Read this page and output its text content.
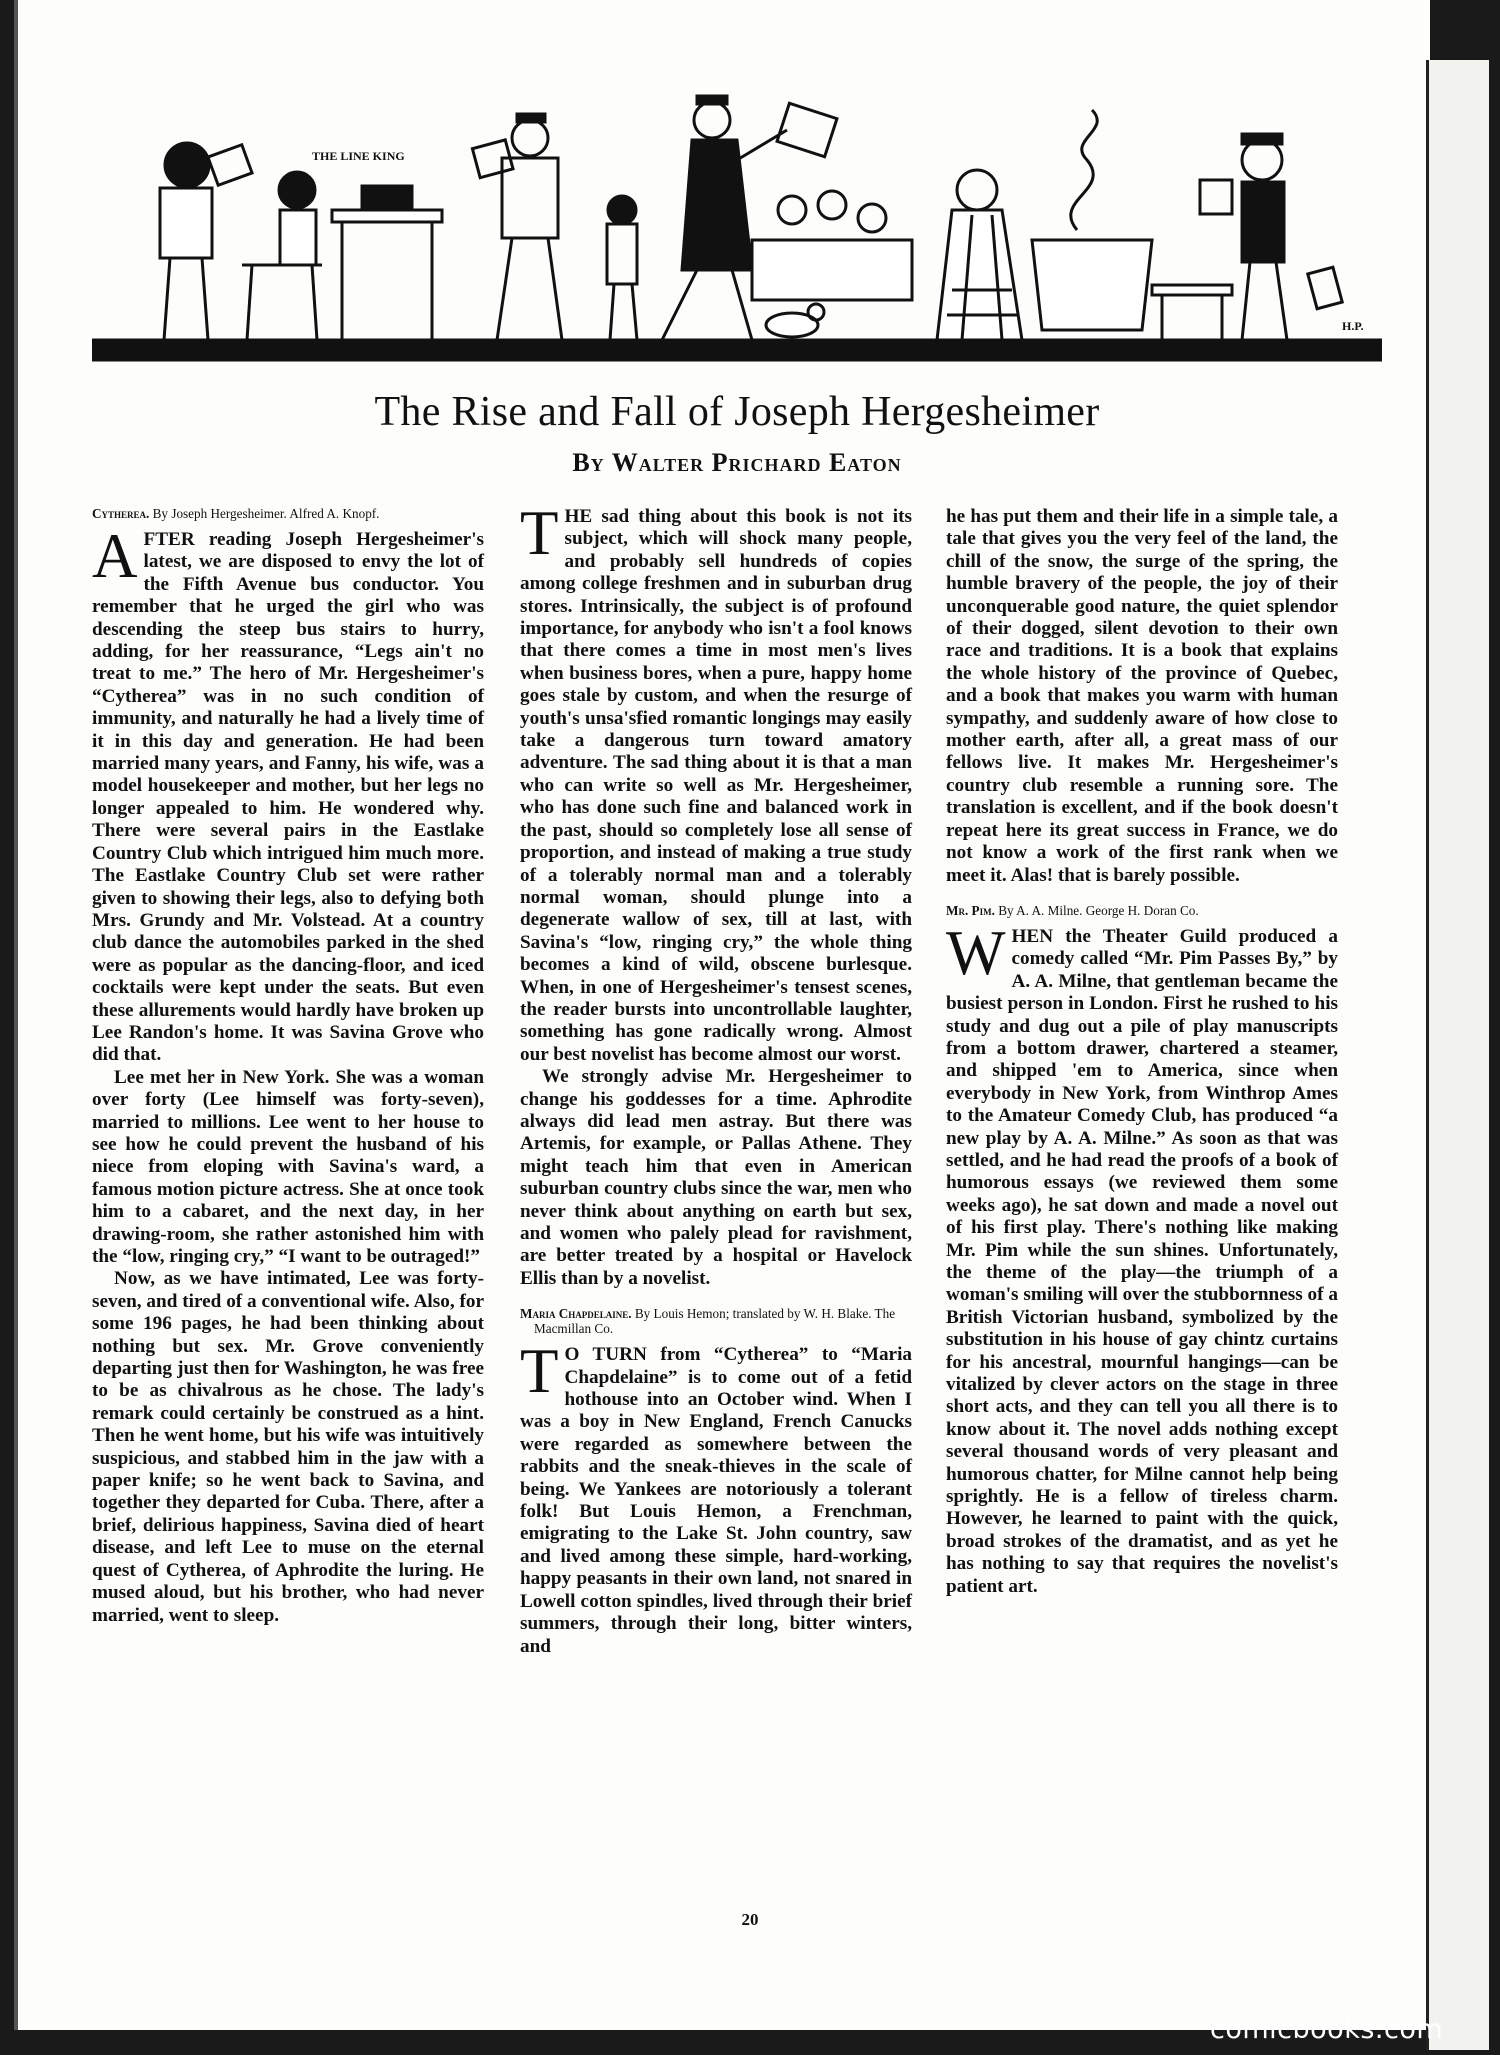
THE LINE KING
H.P.
The Rise and Fall of Joseph Hergesheimer
By Walter Prichard Eaton
Cytherea. By Joseph Hergesheimer. Alfred A. Knopf.

AFTER reading Joseph Hergesheimer's latest, we are disposed to envy the lot of the Fifth Avenue bus conductor. You remember that he urged the girl who was descending the steep bus stairs to hurry, adding, for her reassurance, “Legs ain't no treat to me.” The hero of Mr. Hergesheimer's “Cytherea” was in no such condition of immunity, and naturally he had a lively time of it in this day and generation. He had been married many years, and Fanny, his wife, was a model housekeeper and mother, but her legs no longer appealed to him. He wondered why. There were several pairs in the Eastlake Country Club which intrigued him much more. The Eastlake Country Club set were rather given to showing their legs, also to defying both Mrs. Grundy and Mr. Volstead. At a country club dance the automobiles parked in the shed were as popular as the dancing-floor, and iced cocktails were kept under the seats. But even these allurements would hardly have broken up Lee Randon's home. It was Savina Grove who did that.

Lee met her in New York. She was a woman over forty (Lee himself was forty-seven), married to millions. Lee went to her house to see how he could prevent the husband of his niece from eloping with Savina's ward, a famous motion picture actress. She at once took him to a cabaret, and the next day, in her drawing-room, she rather astonished him with the “low, ringing cry,” “I want to be outraged!”

Now, as we have intimated, Lee was forty-seven, and tired of a conventional wife. Also, for some 196 pages, he had been thinking about nothing but sex. Mr. Grove conveniently departing just then for Washington, he was free to be as chivalrous as he chose. The lady's remark could certainly be construed as a hint. Then he went home, but his wife was intuitively suspicious, and stabbed him in the jaw with a paper knife; so he went back to Savina, and together they departed for Cuba. There, after a brief, delirious happiness, Savina died of heart disease, and left Lee to muse on the eternal quest of Cytherea, of Aphrodite the luring. He mused aloud, but his brother, who had never married, went to sleep.

THE sad thing about this book is not its subject, which will shock many people, and probably sell hundreds of copies among college freshmen and in suburban drug stores. Intrinsically, the subject is of profound importance, for anybody who isn't a fool knows that there comes a time in most men's lives when business bores, when a pure, happy home goes stale by custom, and when the resurge of youth's unsa'sfied romantic longings may easily take a dangerous turn toward amatory adventure. The sad thing about it is that a man who can write so well as Mr. Hergesheimer, who has done such fine and balanced work in the past, should so completely lose all sense of proportion, and instead of making a true study of a tolerably normal man and a tolerably normal woman, should plunge into a degenerate wallow of sex, till at last, with Savina's “low, ringing cry,” the whole thing becomes a kind of wild, obscene burlesque. When, in one of Hergesheimer's tensest scenes, the reader bursts into uncontrollable laughter, something has gone radically wrong. Almost our best novelist has become almost our worst.

We strongly advise Mr. Hergesheimer to change his goddesses for a time. Aphrodite always did lead men astray. But there was Artemis, for example, or Pallas Athene. They might teach him that even in American suburban country clubs since the war, men who never think about anything on earth but sex, and women who palely plead for ravishment, are better treated by a hospital or Havelock Ellis than by a novelist.

Maria Chapdelaine. By Louis Hemon; translated by W. H. Blake. The Macmillan Co.

T O TURN from “Cytherea” to “Maria Chapdelaine” is to come out of a fetid hothouse into an October wind. When I was a boy in New England, French Canucks were regarded as somewhere between the rabbits and the sneak-thieves in the scale of being. We Yankees are notoriously a tolerant folk! But Louis Hemon, a Frenchman, emigrating to the Lake St. John country, saw and lived among these simple, hard-working, happy peasants in their own land, not snared in Lowell cotton spindles, lived through their brief summers, through their long, bitter winters, and

he has put them and their life in a simple tale, a tale that gives you the very feel of the land, the chill of the snow, the surge of the spring, the humble bravery of the people, the joy of their unconquerable good nature, the quiet splendor of their dogged, silent devotion to their own race and traditions. It is a book that explains the whole history of the province of Quebec, and a book that makes you warm with human sympathy, and suddenly aware of how close to mother earth, after all, a great mass of our fellows live. It makes Mr. Hergesheimer's country club resemble a running sore. The translation is excellent, and if the book doesn't repeat here its great success in France, we do not know a work of the first rank when we meet it. Alas! that is barely possible.

Mr. Pim. By A. A. Milne. George H. Doran Co.

WHEN the Theater Guild produced a comedy called “Mr. Pim Passes By,” by A. A. Milne, that gentleman became the busiest person in London. First he rushed to his study and dug out a pile of play manuscripts from a bottom drawer, chartered a steamer, and shipped 'em to America, since when everybody in New York, from Winthrop Ames to the Amateur Comedy Club, has produced “a new play by A. A. Milne.” As soon as that was settled, and he had read the proofs of a book of humorous essays (we reviewed them some weeks ago), he sat down and made a novel out of his first play. There's nothing like making Mr. Pim while the sun shines. Unfortunately, the theme of the play—the triumph of a woman's smiling will over the stubbornness of a British Victorian husband, symbolized by the substitution in his house of gay chintz curtains for his ancestral, mournful hangings—can be vitalized by clever actors on the stage in three short acts, and they can tell you all there is to know about it. The novel adds nothing except several thousand words of very pleasant and humorous chatter, for Milne cannot help being sprightly. He is a fellow of tireless charm. However, he learned to paint with the quick, broad strokes of the dramatist, and as yet he has nothing to say that requires the novelist's patient art.

20
comicbooks.com
